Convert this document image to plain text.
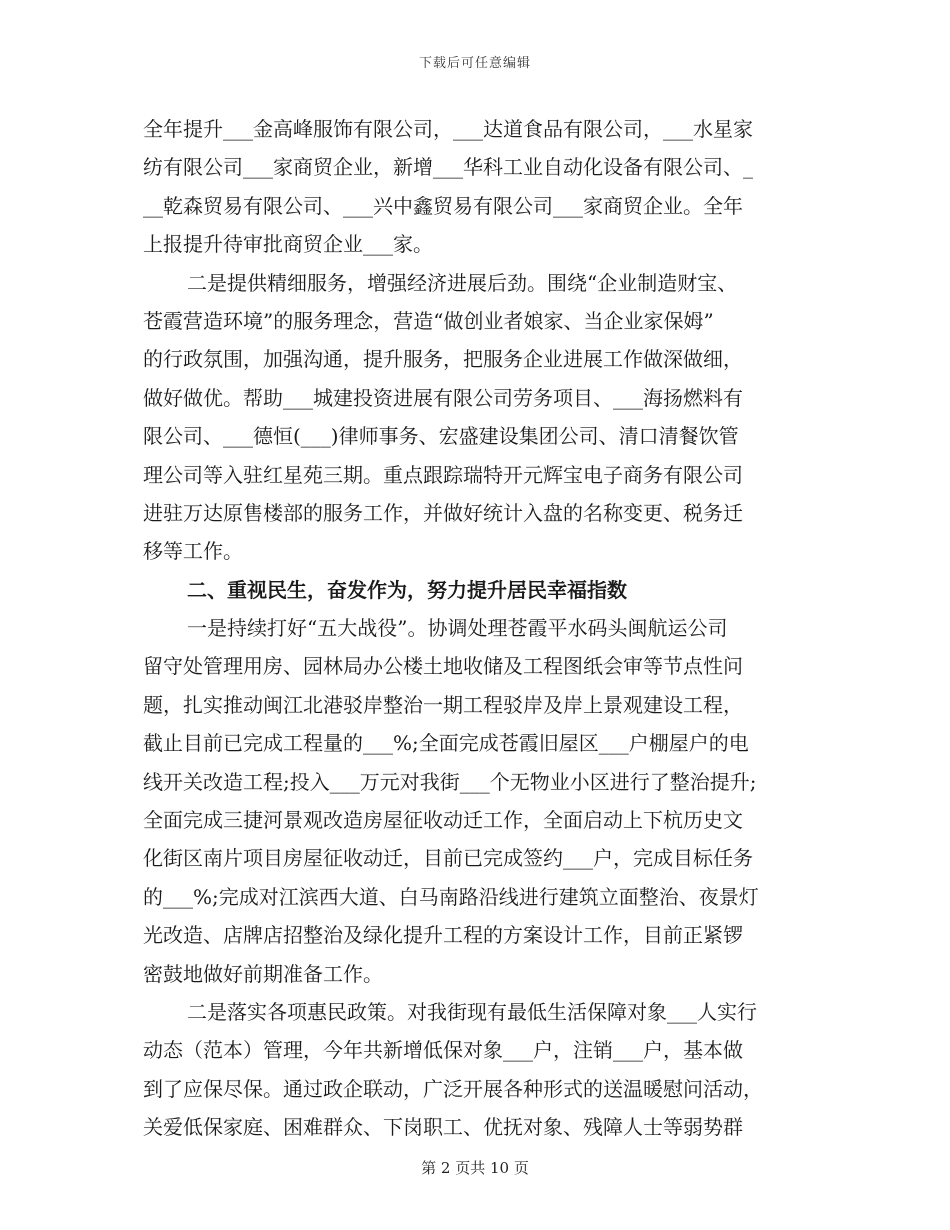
下载后可任意编辑
全年提升___金高峰服饰有限公司，___达道食品有限公司，___水星家
纺有限公司___家商贸企业，新增___华科工业自动化设备有限公司、_
__乾森贸易有限公司、___兴中鑫贸易有限公司___家商贸企业。全年
上报提升待审批商贸企业___家。
二是提供精细服务，增强经济进展后劲。围绕“企业制造财宝、
苍霞营造环境”的服务理念，营造“做创业者娘家、当企业家保姆”
的行政氛围，加强沟通，提升服务，把服务企业进展工作做深做细，
做好做优。帮助___城建投资进展有限公司劳务项目、___海扬燃料有
限公司、___德恒(___)律师事务、宏盛建设集团公司、清口清餐饮管
理公司等入驻红星苑三期。重点跟踪瑞特开元辉宝电子商务有限公司
进驻万达原售楼部的服务工作，并做好统计入盘的名称变更、税务迁
移等工作。
二、重视民生，奋发作为，努力提升居民幸福指数
一是持续打好“五大战役”。协调处理苍霞平水码头闽航运公司
留守处管理用房、园林局办公楼土地收储及工程图纸会审等节点性问
题，扎实推动闽江北港驳岸整治一期工程驳岸及岸上景观建设工程，
截止目前已完成工程量的___%;全面完成苍霞旧屋区___户棚屋户的电
线开关改造工程;投入___万元对我街___个无物业小区进行了整治提升;
全面完成三捷河景观改造房屋征收动迁工作，全面启动上下杭历史文
化街区南片项目房屋征收动迁，目前已完成签约___户，完成目标任务
的___%;完成对江滨西大道、白马南路沿线进行建筑立面整治、夜景灯
光改造、店牌店招整治及绿化提升工程的方案设计工作，目前正紧锣
密鼓地做好前期准备工作。
二是落实各项惠民政策。对我街现有最低生活保障对象___人实行
动态（范本）管理，今年共新增低保对象___户，注销___户，基本做
到了应保尽保。通过政企联动，广泛开展各种形式的送温暖慰问活动，
关爱低保家庭、困难群众、下岗职工、优抚对象、残障人士等弱势群
第 2 页共 10 页
